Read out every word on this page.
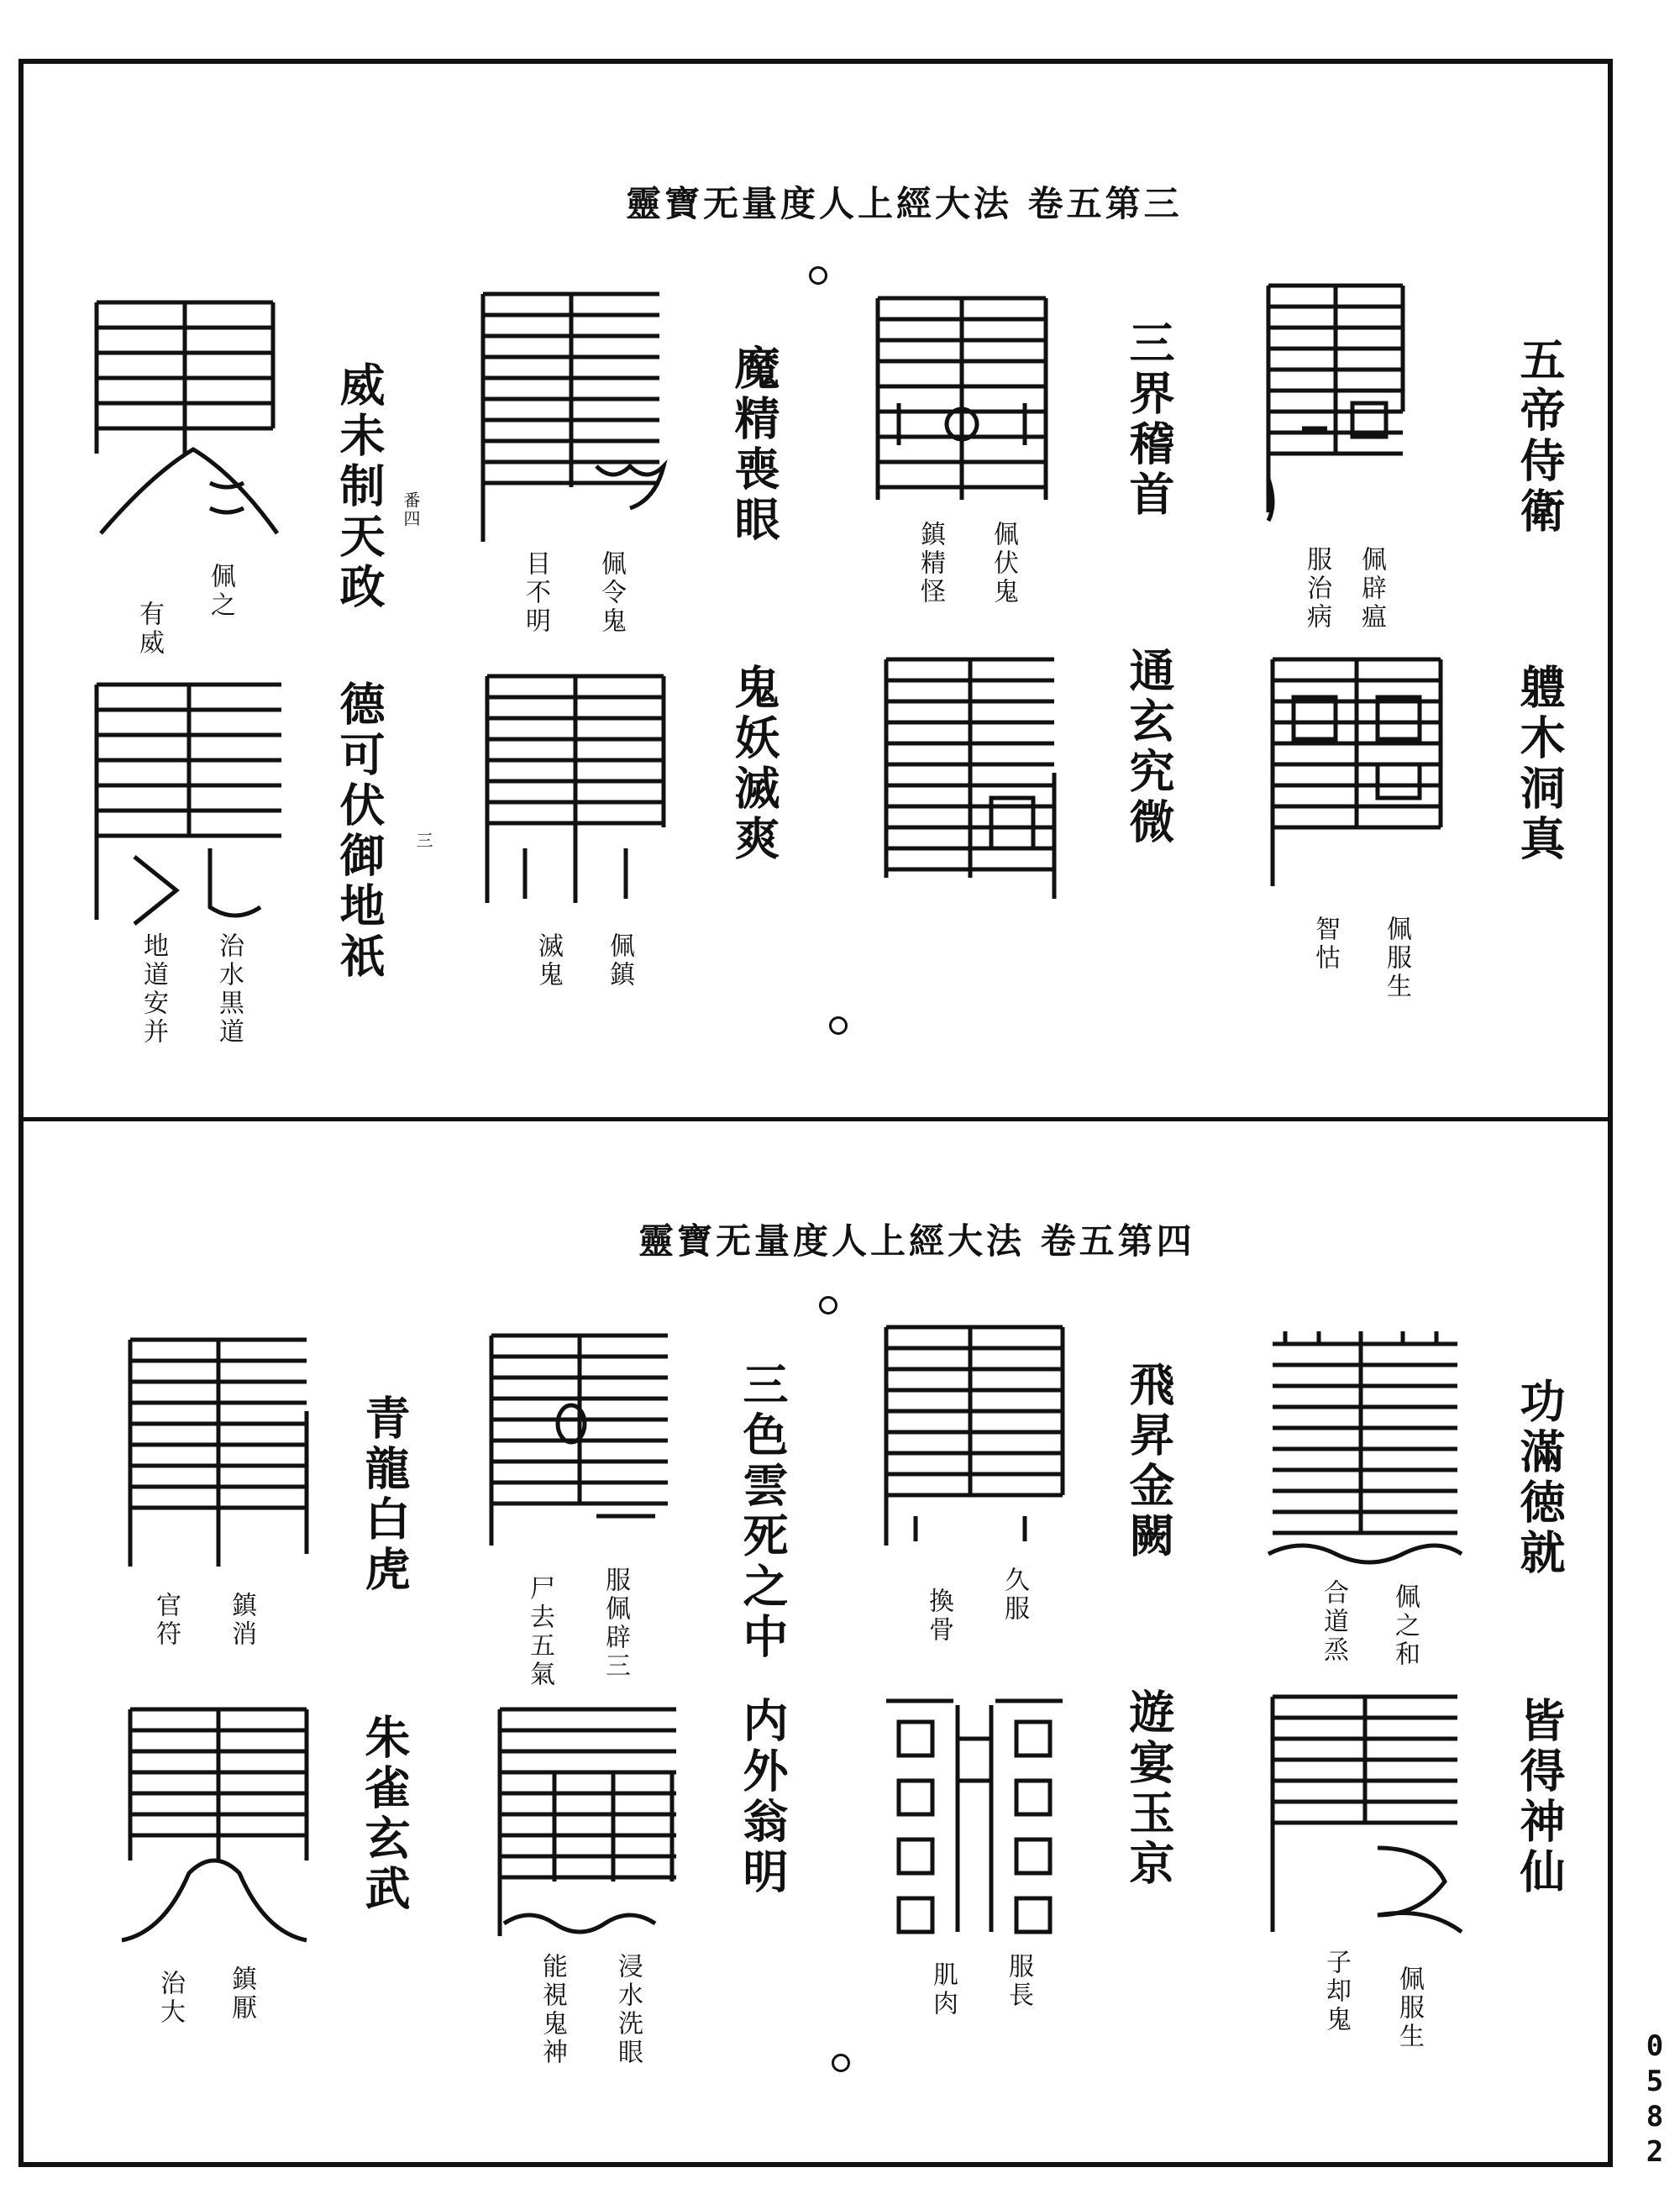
0
5
8
2
靈寶无量度人上經大法 卷五第三
五帝侍衛
軆木洞真
佩辟瘟
服治病
佩服生
智怙
三界稽首
通玄究微
佩伏鬼
鎮精怪
魔精喪眼
鬼妖滅爽
佩令鬼
目不明
佩鎮
滅鬼
威未制天政
德可伏御地祇
番四
三
佩之
有威
治水黒道
地道安并
靈寶无量度人上經大法 卷五第四
功滿徳就
皆得神仙
佩之和
合道烝
佩服生
子却鬼
飛昇金闕
遊宴玉京
久服
換骨
服長
肌肉
三色雲死之中
内外翁明
服佩辟三
尸去五氣
浸水洗眼
能視鬼神
青龍白虎
朱雀玄武
鎮消
官符
鎮厭
治大
